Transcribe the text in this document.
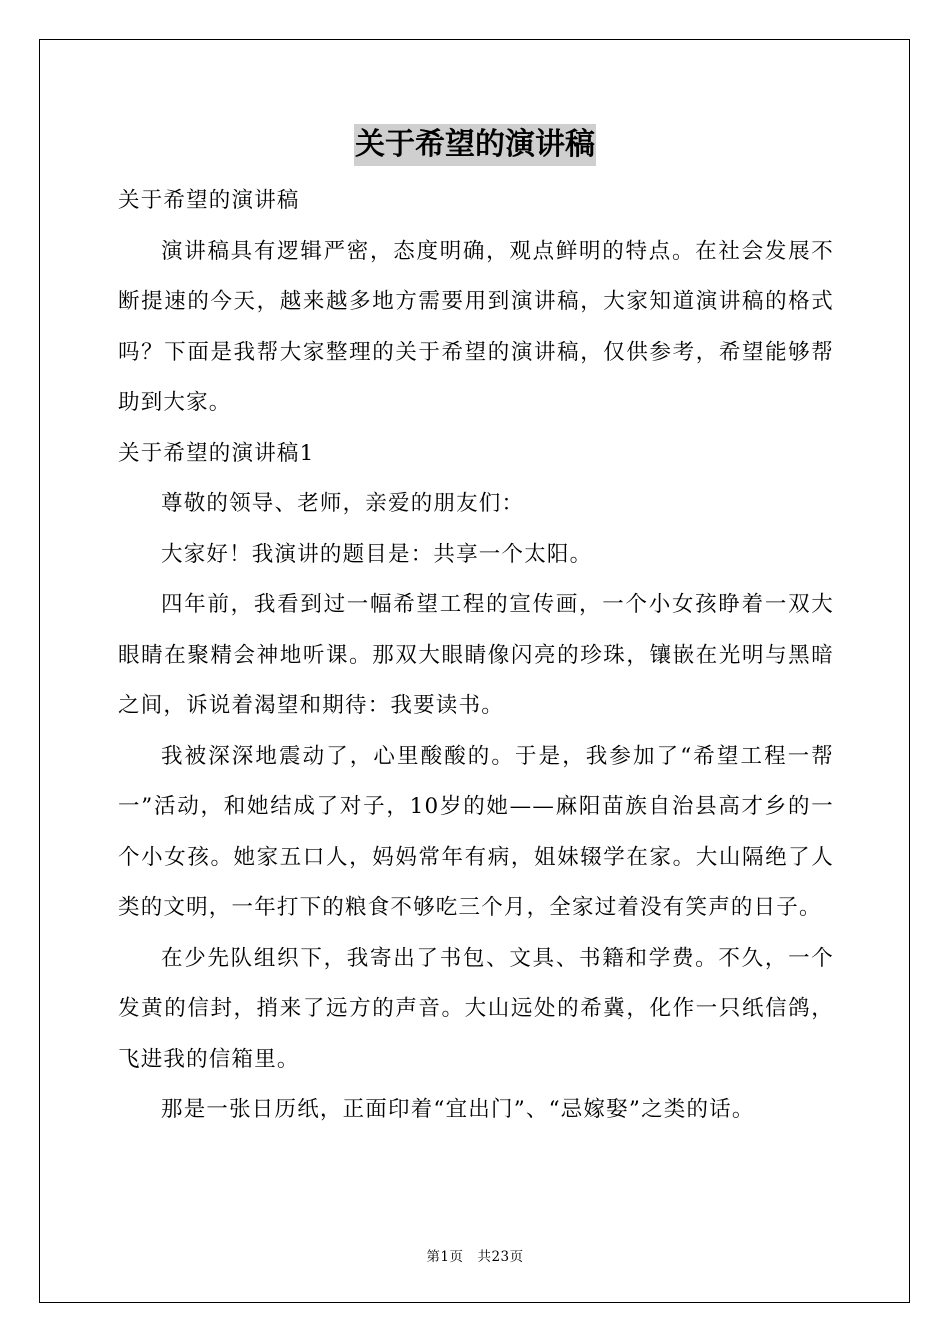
关于希望的演讲稿

关于希望的演讲稿

演讲稿具有逻辑严密，态度明确，观点鲜明的特点。在社会发展不断提速的今天，越来越多地方需要用到演讲稿，大家知道演讲稿的格式吗？下面是我帮大家整理的关于希望的演讲稿，仅供参考，希望能够帮助到大家。

关于希望的演讲稿1

尊敬的领导、老师，亲爱的朋友们：

大家好！我演讲的题目是：共享一个太阳。

四年前，我看到过一幅希望工程的宣传画，一个小女孩睁着一双大眼睛在聚精会神地听课。那双大眼睛像闪亮的珍珠，镶嵌在光明与黑暗之间，诉说着渴望和期待：我要读书。

我被深深地震动了，心里酸酸的。于是，我参加了“希望工程一帮一”活动，和她结成了对子，10岁的她——麻阳苗族自治县高才乡的一个小女孩。她家五口人，妈妈常年有病，姐妹辍学在家。大山隔绝了人类的文明，一年打下的粮食不够吃三个月，全家过着没有笑声的日子。

在少先队组织下，我寄出了书包、文具、书籍和学费。不久，一个发黄的信封，捎来了远方的声音。大山远处的希冀，化作一只纸信鸽，飞进我的信箱里。

那是一张日历纸，正面印着“宜出门”、“忌嫁娶”之类的话。

第1页 共23页
